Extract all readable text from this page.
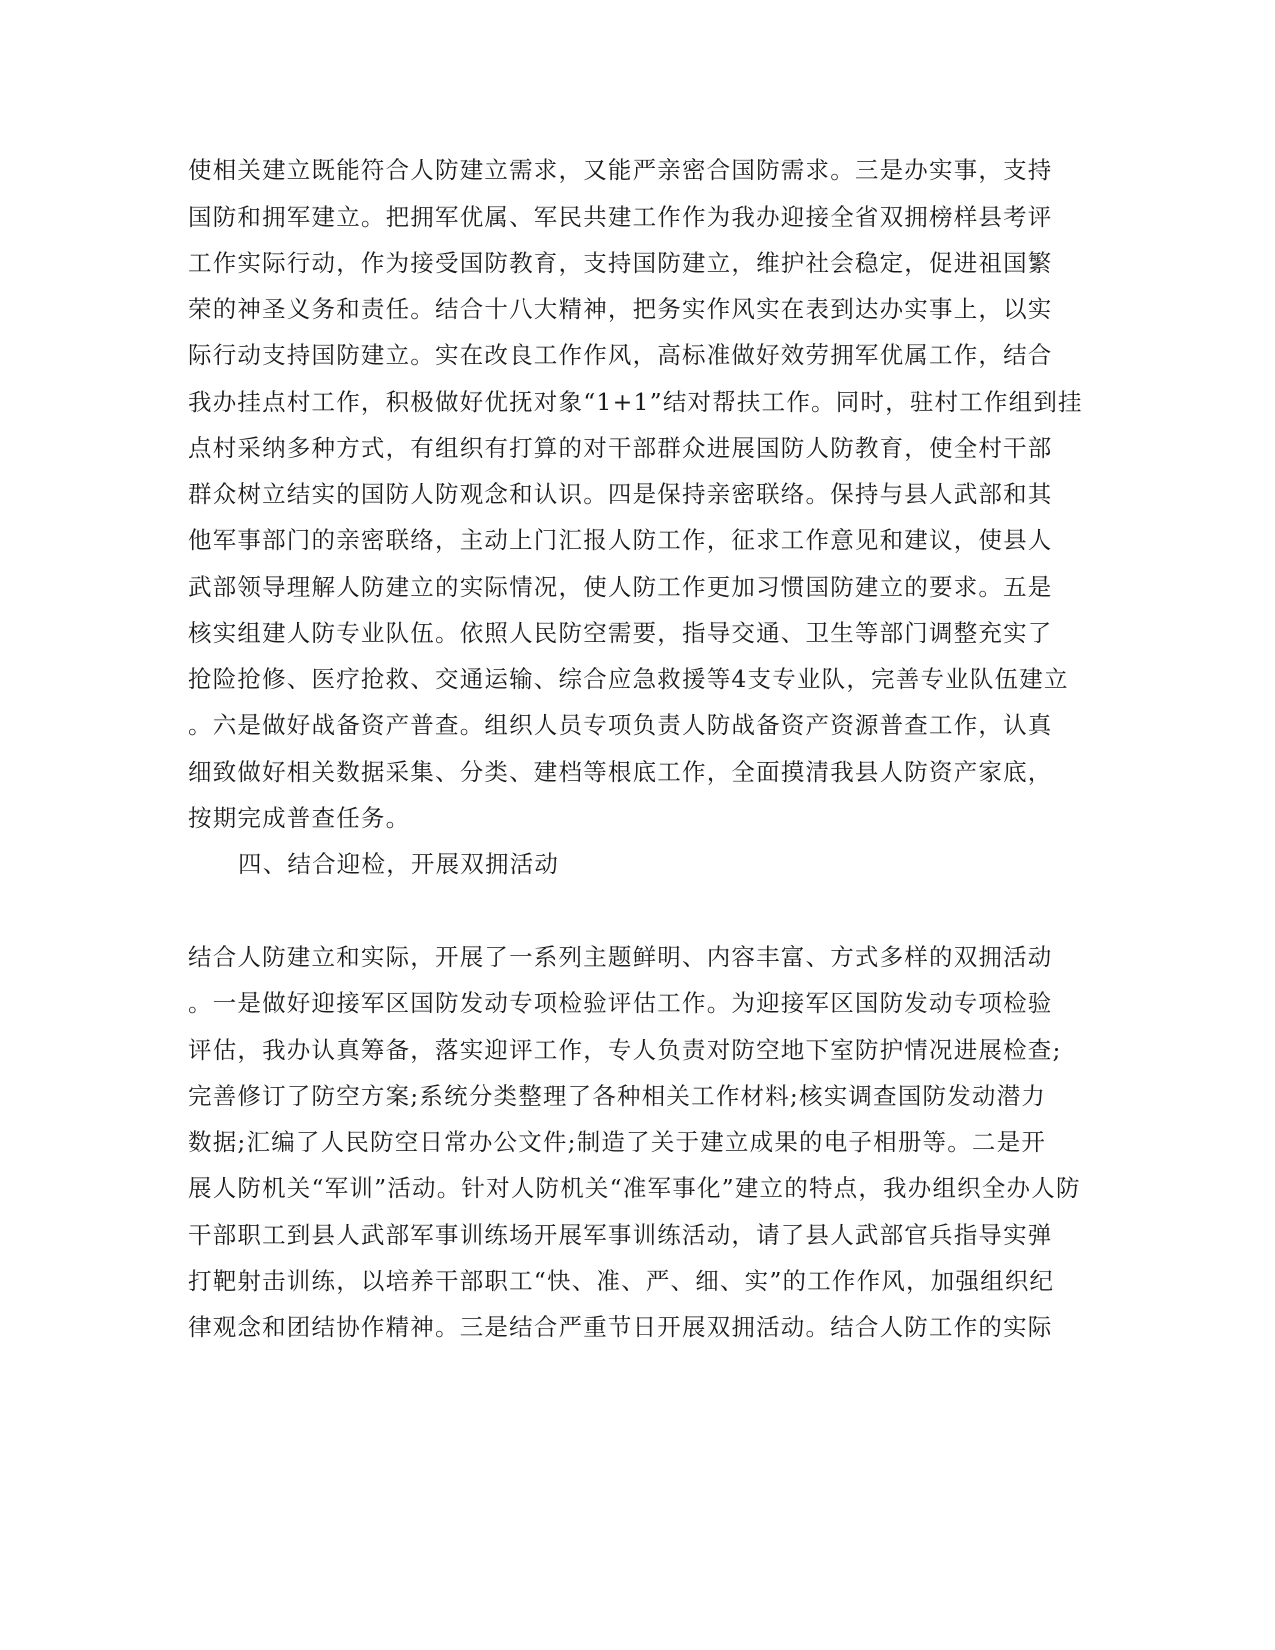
使相关建立既能符合人防建立需求，又能严亲密合国防需求。三是办实事，支持

国防和拥军建立。把拥军优属、军民共建工作作为我办迎接全省双拥榜样县考评

工作实际行动，作为接受国防教育，支持国防建立，维护社会稳定，促进祖国繁

荣的神圣义务和责任。结合十八大精神，把务实作风实在表到达办实事上，以实

际行动支持国防建立。实在改良工作作风，高标准做好效劳拥军优属工作，结合

我办挂点村工作，积极做好优抚对象“1+1”结对帮扶工作。同时，驻村工作组到挂

点村采纳多种方式，有组织有打算的对干部群众进展国防人防教育，使全村干部

群众树立结实的国防人防观念和认识。四是保持亲密联络。保持与县人武部和其

他军事部门的亲密联络，主动上门汇报人防工作，征求工作意见和建议，使县人

武部领导理解人防建立的实际情况，使人防工作更加习惯国防建立的要求。五是

核实组建人防专业队伍。依照人民防空需要，指导交通、卫生等部门调整充实了

抢险抢修、医疗抢救、交通运输、综合应急救援等4支专业队，完善专业队伍建立

。六是做好战备资产普查。组织人员专项负责人防战备资产资源普查工作，认真

细致做好相关数据采集、分类、建档等根底工作，全面摸清我县人防资产家底，

按期完成普查任务。

四、结合迎检，开展双拥活动

结合人防建立和实际，开展了一系列主题鲜明、内容丰富、方式多样的双拥活动

。一是做好迎接军区国防发动专项检验评估工作。为迎接军区国防发动专项检验

评估，我办认真筹备，落实迎评工作，专人负责对防空地下室防护情况进展检查;

完善修订了防空方案;系统分类整理了各种相关工作材料;核实调查国防发动潜力

数据;汇编了人民防空日常办公文件;制造了关于建立成果的电子相册等。二是开

展人防机关“军训”活动。针对人防机关“准军事化”建立的特点，我办组织全办人防

干部职工到县人武部军事训练场开展军事训练活动，请了县人武部官兵指导实弹

打靶射击训练，以培养干部职工“快、准、严、细、实”的工作作风，加强组织纪

律观念和团结协作精神。三是结合严重节日开展双拥活动。结合人防工作的实际
